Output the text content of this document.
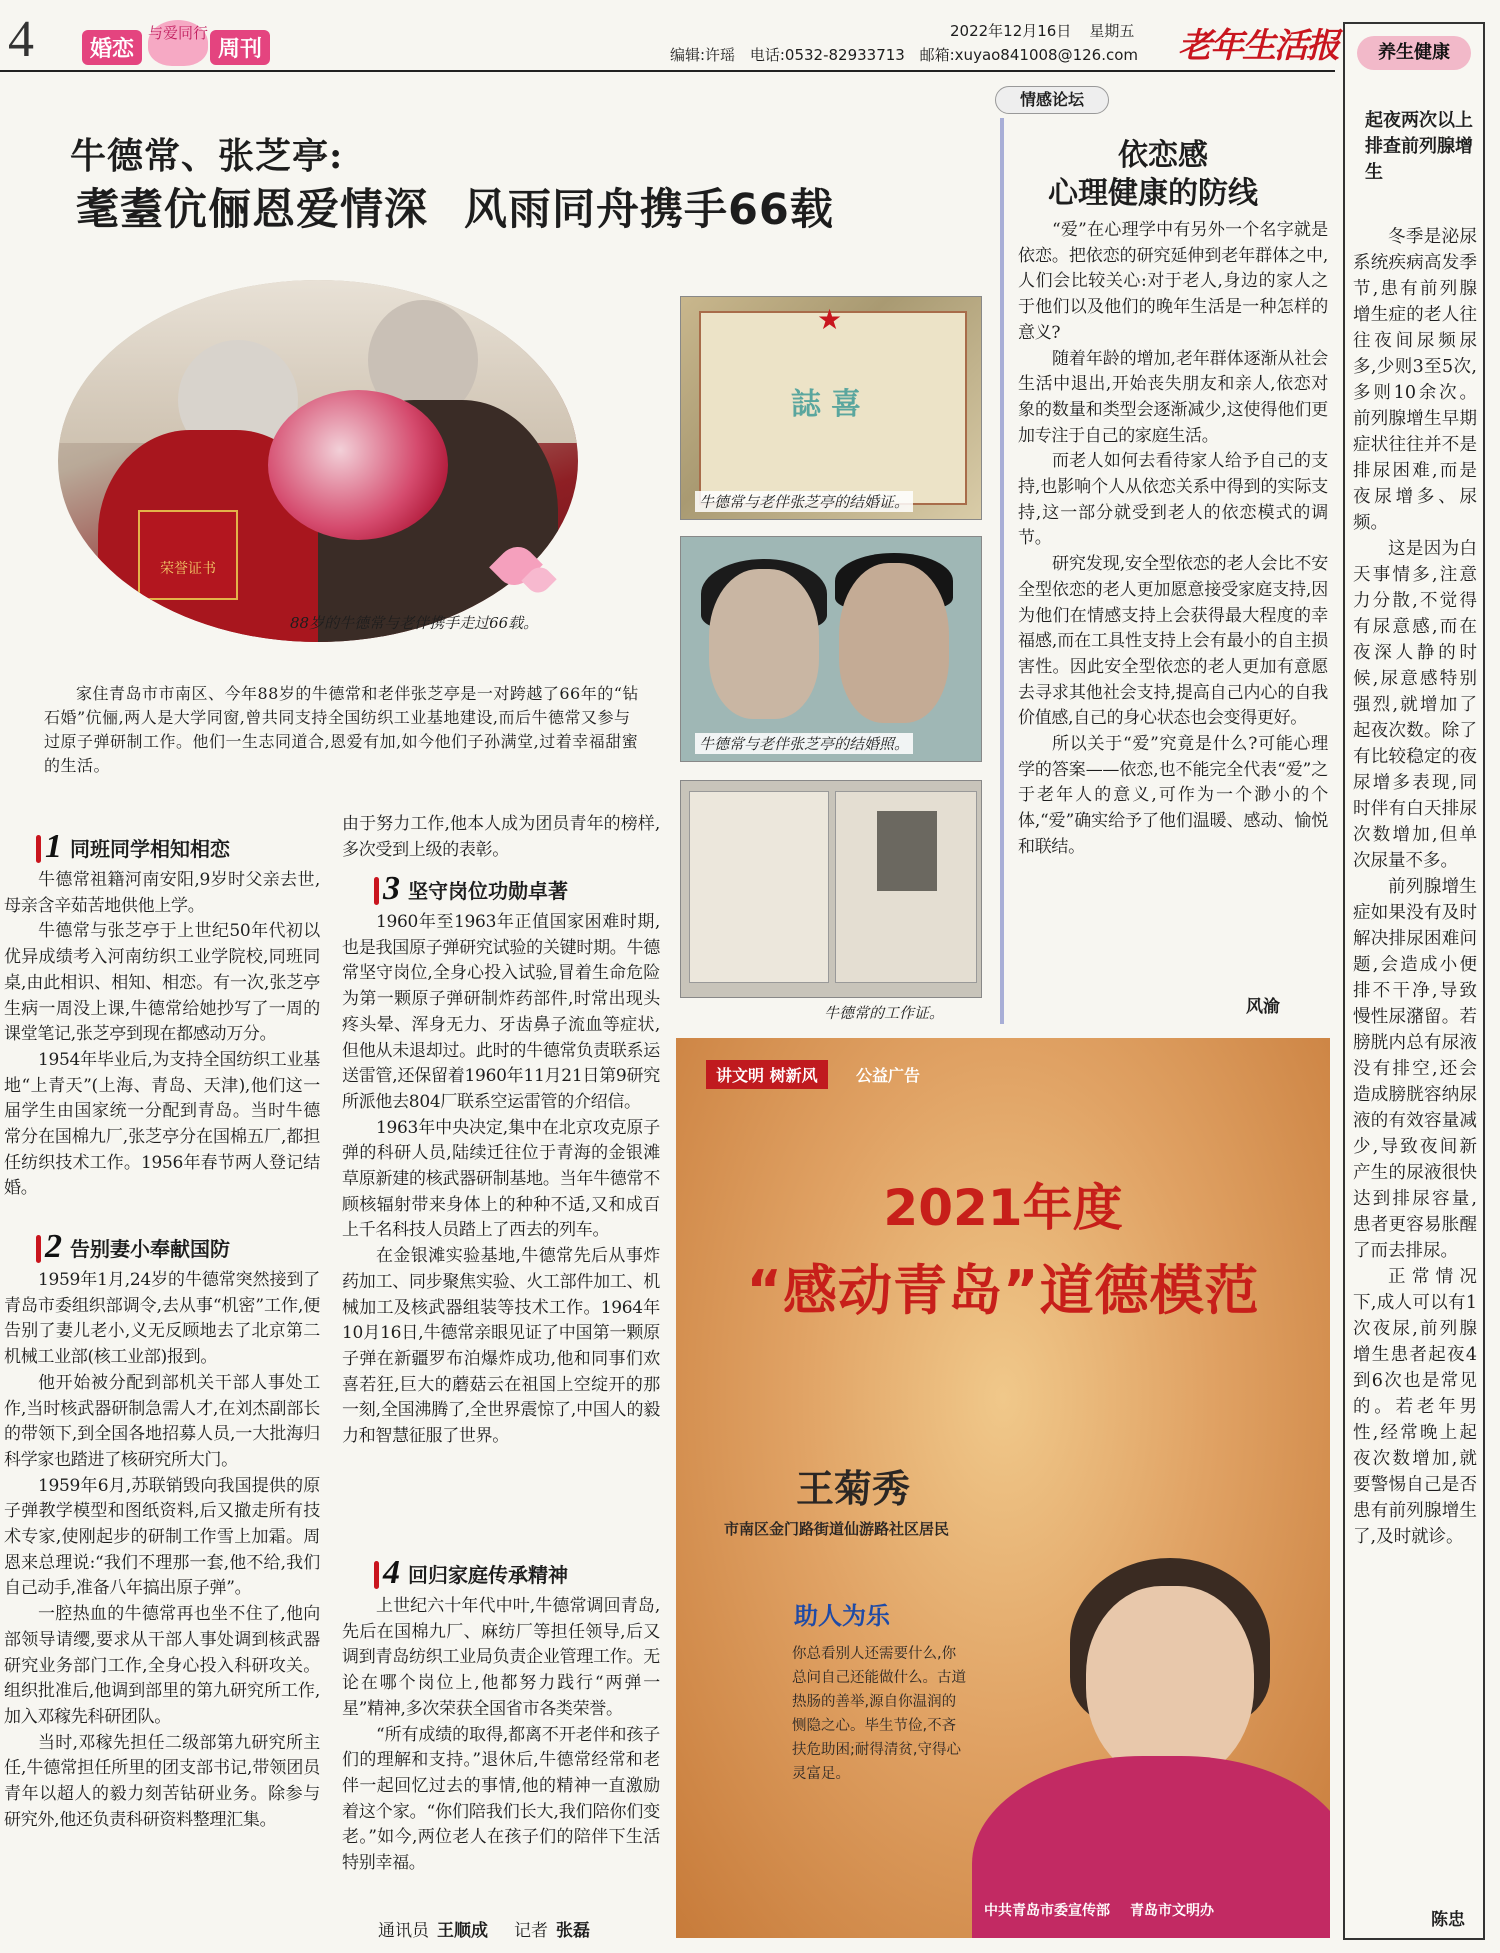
4	婚恋
与爱同行
周刊
2022年12月16日 星期五
编辑:许瑶 电话:0532-82933713 邮箱:xuyao841008@126.com 老年生活报	养生健康
起夜两次以上排查前列腺增生

冬季是泌尿系统疾病高发季节,患有前列腺增生症的老人往往夜间尿频尿多,少则3至5次,多则10余次。前列腺增生早期症状往往并不是排尿困难,而是夜尿增多、尿频。

这是因为白天事情多,注意力分散,不觉得有尿意感,而在夜深人静的时候,尿意感特别强烈,就增加了起夜次数。除了有比较稳定的夜尿增多表现,同时伴有白天排尿次数增加,但单次尿量不多。

前列腺增生症如果没有及时解决排尿困难问题,会造成小便排不干净,导致慢性尿潴留。若膀胱内总有尿液没有排空,还会造成膀胱容纳尿液的有效容量减少,导致夜间新产生的尿液很快达到排尿容量,患者更容易胀醒了而去排尿。

正常情况下,成人可以有1次夜尿,前列腺增生患者起夜4到6次也是常见的。若老年男性,经常晚上起夜次数增加,就要警惕自己是否患有前列腺增生了,及时就诊。

陈忠
牛德常、张芝亭:
耄耋伉俪恩爱情深 风雨同舟携手66载
荣誉证书
88岁的牛德常与老伴携手走过66载。

家住青岛市市南区、今年88岁的牛德常和老伴张芝亭是一对跨越了66年的“钻石婚”伉俪,两人是大学同窗,曾共同支持全国纺织工业基地建设,而后牛德常又参与过原子弹研制工作。他们一生志同道合,恩爱有加,如今他们子孙满堂,过着幸福甜蜜的生活。

★
誌喜
牛德常与老伴张芝亭的结婚证。
牛德常与老伴张芝亭的结婚照。
牛德常的工作证。
1 同班同学相知相恋

牛德常祖籍河南安阳,9岁时父亲去世,母亲含辛茹苦地供他上学。

牛德常与张芝亭于上世纪50年代初以优异成绩考入河南纺织工业学院校,同班同桌,由此相识、相知、相恋。有一次,张芝亭生病一周没上课,牛德常给她抄写了一周的课堂笔记,张芝亭到现在都感动万分。

1954年毕业后,为支持全国纺织工业基地“上青天”(上海、青岛、天津),他们这一届学生由国家统一分配到青岛。当时牛德常分在国棉九厂,张芝亭分在国棉五厂,都担任纺织技术工作。1956年春节两人登记结婚。

2 告别妻小奉献国防

1959年1月,24岁的牛德常突然接到了青岛市委组织部调令,去从事“机密”工作,便告别了妻儿老小,义无反顾地去了北京第二机械工业部(核工业部)报到。

他开始被分配到部机关干部人事处工作,当时核武器研制急需人才,在刘杰副部长的带领下,到全国各地招募人员,一大批海归科学家也踏进了核研究所大门。

1959年6月,苏联销毁向我国提供的原子弹教学模型和图纸资料,后又撤走所有技术专家,使刚起步的研制工作雪上加霜。周恩来总理说:“我们不理那一套,他不给,我们自己动手,准备八年搞出原子弹”。

一腔热血的牛德常再也坐不住了,他向部领导请缨,要求从干部人事处调到核武器研究业务部门工作,全身心投入科研攻关。组织批准后,他调到部里的第九研究所工作,加入邓稼先科研团队。

当时,邓稼先担任二级部第九研究所主任,牛德常担任所里的团支部书记,带领团员青年以超人的毅力刻苦钻研业务。除参与研究外,他还负责科研资料整理汇集。

由于努力工作,他本人成为团员青年的榜样,多次受到上级的表彰。

3 坚守岗位功勋卓著

1960年至1963年正值国家困难时期,也是我国原子弹研究试验的关键时期。牛德常坚守岗位,全身心投入试验,冒着生命危险为第一颗原子弹研制炸药部件,时常出现头疼头晕、浑身无力、牙齿鼻子流血等症状,但他从未退却过。此时的牛德常负责联系运送雷管,还保留着1960年11月21日第9研究所派他去804厂联系空运雷管的介绍信。

1963年中央决定,集中在北京攻克原子弹的科研人员,陆续迁往位于青海的金银滩草原新建的核武器研制基地。当年牛德常不顾核辐射带来身体上的种种不适,又和成百上千名科技人员踏上了西去的列车。

在金银滩实验基地,牛德常先后从事炸药加工、同步聚焦实验、火工部件加工、机械加工及核武器组装等技术工作。1964年10月16日,牛德常亲眼见证了中国第一颗原子弹在新疆罗布泊爆炸成功,他和同事们欢喜若狂,巨大的蘑菇云在祖国上空绽开的那一刻,全国沸腾了,全世界震惊了,中国人的毅力和智慧征服了世界。

4 回归家庭传承精神

上世纪六十年代中叶,牛德常调回青岛,先后在国棉九厂、麻纺厂等担任领导,后又调到青岛纺织工业局负责企业管理工作。无论在哪个岗位上,他都努力践行“两弹一星”精神,多次荣获全国省市各类荣誉。

“所有成绩的取得,都离不开老伴和孩子们的理解和支持。”退休后,牛德常经常和老伴一起回忆过去的事情,他的精神一直激励着这个家。“你们陪我们长大,我们陪你们变老。”如今,两位老人在孩子们的陪伴下生活特别幸福。

通讯员 王顺成 记者 张磊
情感论坛
依恋感
心理健康的防线

“爱”在心理学中有另外一个名字就是依恋。把依恋的研究延伸到老年群体之中,人们会比较关心:对于老人,身边的家人之于他们以及他们的晚年生活是一种怎样的意义?

随着年龄的增加,老年群体逐渐从社会生活中退出,开始丧失朋友和亲人,依恋对象的数量和类型会逐渐减少,这使得他们更加专注于自己的家庭生活。

而老人如何去看待家人给予自己的支持,也影响个人从依恋关系中得到的实际支持,这一部分就受到老人的依恋模式的调节。

研究发现,安全型依恋的老人会比不安全型依恋的老人更加愿意接受家庭支持,因为他们在情感支持上会获得最大程度的幸福感,而在工具性支持上会有最小的自主损害性。因此安全型依恋的老人更加有意愿去寻求其他社会支持,提高自己内心的自我价值感,自己的身心状态也会变得更好。

所以关于“爱”究竟是什么?可能心理学的答案——依恋,也不能完全代表“爱”之于老年人的意义,可作为一个渺小的个体,“爱”确实给予了他们温暖、感动、愉悦和联结。

风渝
讲文明 树新风	公益广告
2021年度
“感动青岛”道德模范
王菊秀
市南区金门路街道仙游路社区居民
助人为乐
你总看别人还需要什么,你总问自己还能做什么。古道热肠的善举,源自你温润的恻隐之心。毕生节俭,不吝扶危助困;耐得清贫,守得心灵富足。
中共青岛市委宣传部 青岛市文明办
